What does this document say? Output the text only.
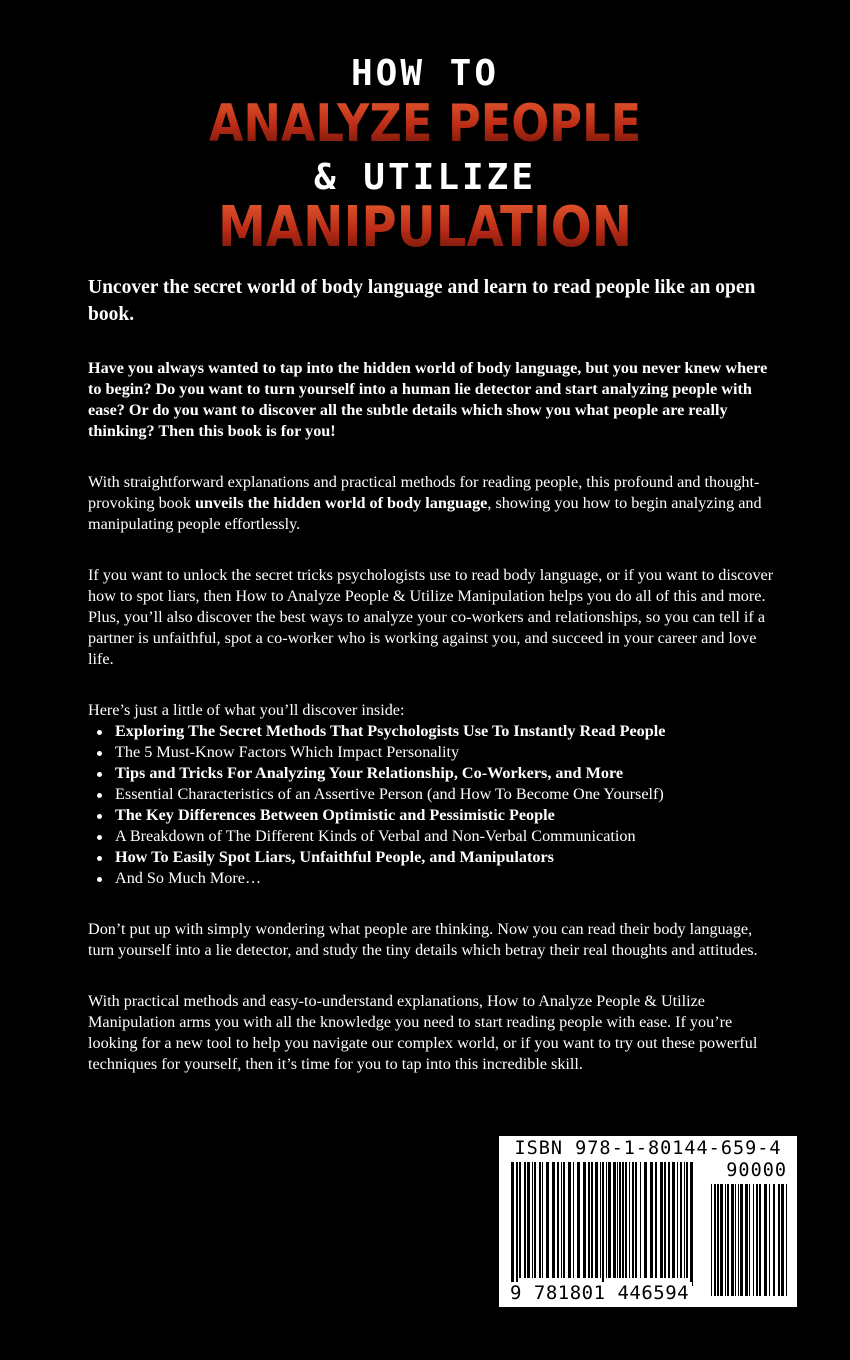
HOW TO
ANALYZE PEOPLE
& UTILIZE
MANIPULATION

Uncover the secret world of body language and learn to read people like an open book.

Have you always wanted to tap into the hidden world of body language, but you never knew where to begin? Do you want to turn yourself into a human lie detector and start analyzing people with ease? Or do you want to discover all the subtle details which show you what people are really thinking? Then this book is for you!

With straightforward explanations and practical methods for reading people, this profound and thought-provoking book unveils the hidden world of body language, showing you how to begin analyzing and manipulating people effortlessly.

If you want to unlock the secret tricks psychologists use to read body language, or if you want to discover how to spot liars, then How to Analyze People & Utilize Manipulation helps you do all of this and more. Plus, you’ll also discover the best ways to analyze your co-workers and relationships, so you can tell if a partner is unfaithful, spot a co-worker who is working against you, and succeed in your career and love life.

Here’s just a little of what you’ll discover inside:

Exploring The Secret Methods That Psychologists Use To Instantly Read People
The 5 Must-Know Factors Which Impact Personality
Tips and Tricks For Analyzing Your Relationship, Co-Workers, and More
Essential Characteristics of an Assertive Person (and How To Become One Yourself)
The Key Differences Between Optimistic and Pessimistic People
A Breakdown of The Different Kinds of Verbal and Non-Verbal Communication
How To Easily Spot Liars, Unfaithful People, and Manipulators
And So Much More…

Don’t put up with simply wondering what people are thinking. Now you can read their body language, turn yourself into a lie detector, and study the tiny details which betray their real thoughts and attitudes.

With practical methods and easy-to-understand explanations, How to Analyze People & Utilize Manipulation arms you with all the knowledge you need to start reading people with ease. If you’re looking for a new tool to help you navigate our complex world, or if you want to try out these powerful techniques for yourself, then it’s time for you to tap into this incredible skill.

ISBN 978-1-80144-659-4
90000
9 781801 446594
